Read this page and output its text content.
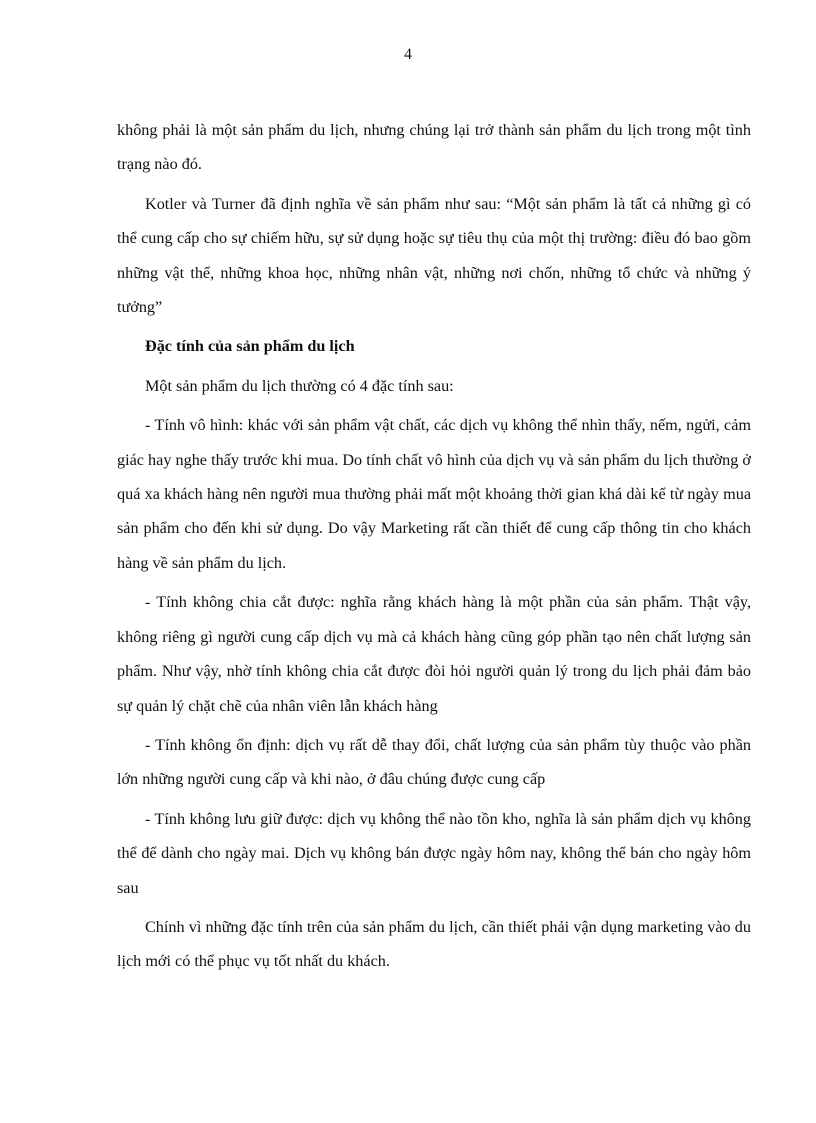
4

không phải là một sản phẩm du lịch, nhưng chúng lại trở thành sản phẩm du lịch trong một tình trạng nào đó.

Kotler và Turner đã định nghĩa về sản phẩm như sau: “Một sản phẩm là tất cả những gì có thể cung cấp cho sự chiếm hữu, sự sử dụng hoặc sự tiêu thụ của một thị trường: điều đó bao gồm những vật thể, những khoa học, những nhân vật, những nơi chốn, những tổ chức và những ý tưởng”

Đặc tính của sản phẩm du lịch

Một sản phẩm du lịch thường có 4 đặc tính sau:

- Tính vô hình: khác với sản phẩm vật chất, các dịch vụ không thể nhìn thấy, nếm, ngửi, cảm giác hay nghe thấy trước khi mua. Do tính chất vô hình của dịch vụ và sản phẩm du lịch thường ở quá xa khách hàng nên người mua thường phải mất một khoảng thời gian khá dài kể từ ngày mua sản phẩm cho đến khi sử dụng. Do vậy Marketing rất cần thiết để cung cấp thông tin cho khách hàng về sản phẩm du lịch.

- Tính không chia cắt được: nghĩa rằng khách hàng là một phần của sản phẩm. Thật vậy, không riêng gì người cung cấp dịch vụ mà cả khách hàng cũng góp phần tạo nên chất lượng sản phẩm. Như vậy, nhờ tính không chia cắt được đòi hỏi người quản lý trong du lịch phải đảm bảo sự quản lý chặt chẽ của nhân viên lẫn khách hàng

- Tính không ổn định: dịch vụ rất dễ thay đổi, chất lượng của sản phẩm tùy thuộc vào phần lớn những người cung cấp và khi nào, ở đâu chúng được cung cấp

- Tính không lưu giữ được: dịch vụ không thể nào tồn kho, nghĩa là sản phẩm dịch vụ không thể để dành cho ngày mai. Dịch vụ không bán được ngày hôm nay, không thể bán cho ngày hôm sau

Chính vì những đặc tính trên của sản phẩm du lịch, cần thiết phải vận dụng marketing vào du lịch mới có thể phục vụ tốt nhất du khách.
